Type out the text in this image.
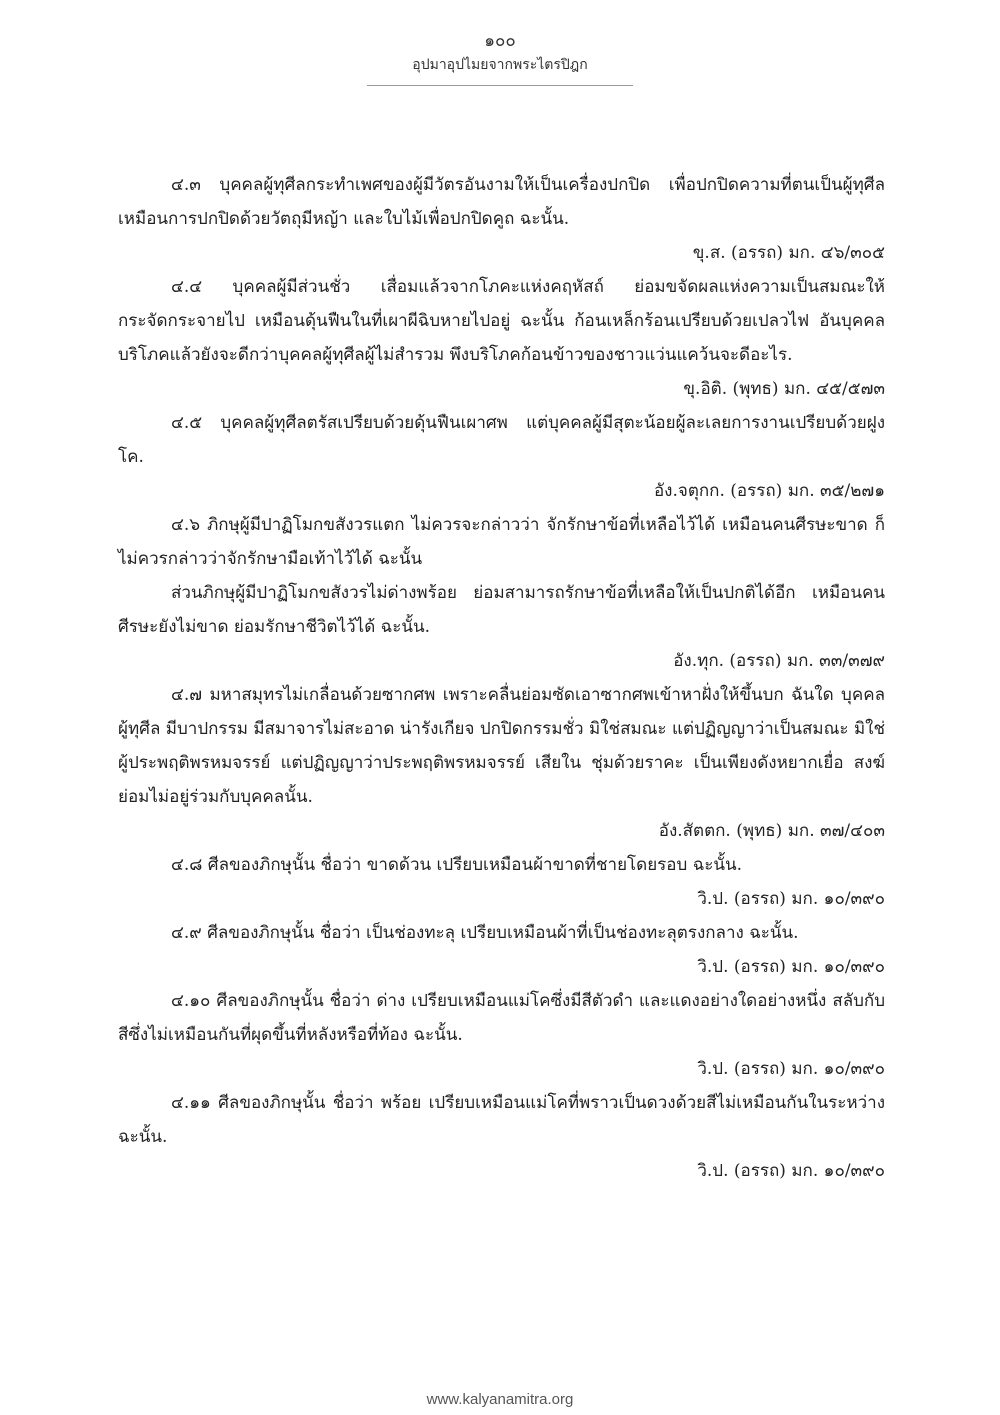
๑๐๐
อุปมาอุปไมยจากพระไตรปิฎก

๔.๓ บุคคลผู้ทุศีลกระทำเพศของผู้มีวัตรอันงามให้เป็นเครื่องปกปิด เพื่อปกปิดความที่ตนเป็นผู้ทุศีล เหมือนการปกปิดด้วยวัตถุมีหญ้า และใบไม้เพื่อปกปิดคูถ ฉะนั้น.

ขุ.ส. (อรรถ) มก. ๔๖/๓๐๕

๔.๔ บุคคลผู้มีส่วนชั่ว เสื่อมแล้วจากโภคะแห่งคฤหัสถ์ ย่อมขจัดผลแห่งความเป็นสมณะให้กระจัดกระจายไป เหมือนดุ้นฟืนในที่เผาผีฉิบหายไปอยู่ ฉะนั้น ก้อนเหล็กร้อนเปรียบด้วยเปลวไฟ อันบุคคลบริโภคแล้วยังจะดีกว่าบุคคลผู้ทุศีลผู้ไม่สำรวม พึงบริโภคก้อนข้าวของชาวแว่นแคว้นจะดีอะไร.

ขุ.อิติ. (พุทธ) มก. ๔๕/๕๗๓

๔.๕ บุคคลผู้ทุศีลตรัสเปรียบด้วยดุ้นฟืนเผาศพ แต่บุคคลผู้มีสุตะน้อยผู้ละเลยการงานเปรียบด้วยฝูงโค.

อัง.จตุกก. (อรรถ) มก. ๓๕/๒๗๑

๔.๖ ภิกษุผู้มีปาฏิโมกขสังวรแตก ไม่ควรจะกล่าวว่า จักรักษาข้อที่เหลือไว้ได้ เหมือนคนศีรษะขาด ก็ไม่ควรกล่าวว่าจักรักษามือเท้าไว้ได้ ฉะนั้น

ส่วนภิกษุผู้มีปาฏิโมกขสังวรไม่ด่างพร้อย ย่อมสามารถรักษาข้อที่เหลือให้เป็นปกติได้อีก เหมือนคนศีรษะยังไม่ขาด ย่อมรักษาชีวิตไว้ได้ ฉะนั้น.

อัง.ทุก. (อรรถ) มก. ๓๓/๓๗๙

๔.๗ มหาสมุทรไม่เกลื่อนด้วยซากศพ เพราะคลื่นย่อมซัดเอาซากศพเข้าหาฝั่งให้ขึ้นบก ฉันใด บุคคลผู้ทุศีล มีบาปกรรม มีสมาจารไม่สะอาด น่ารังเกียจ ปกปิดกรรมชั่ว มิใช่สมณะ แต่ปฏิญญาว่าเป็นสมณะ มิใช่ผู้ประพฤติพรหมจรรย์ แต่ปฏิญญาว่าประพฤติพรหมจรรย์ เสียใน ชุ่มด้วยราคะ เป็นเพียงดังหยากเยื่อ สงฆ์ย่อมไม่อยู่ร่วมกับบุคคลนั้น.

อัง.สัตตก. (พุทธ) มก. ๓๗/๔๐๓

๔.๘ ศีลของภิกษุนั้น ชื่อว่า ขาดด้วน เปรียบเหมือนผ้าขาดที่ชายโดยรอบ ฉะนั้น.

วิ.ป. (อรรถ) มก. ๑๐/๓๙๐

๔.๙ ศีลของภิกษุนั้น ชื่อว่า เป็นช่องทะลุ เปรียบเหมือนผ้าที่เป็นช่องทะลุตรงกลาง ฉะนั้น.

วิ.ป. (อรรถ) มก. ๑๐/๓๙๐

๔.๑๐ ศีลของภิกษุนั้น ชื่อว่า ด่าง เปรียบเหมือนแม่โคซึ่งมีสีตัวดำ และแดงอย่างใดอย่างหนึ่ง สลับกับสีซึ่งไม่เหมือนกันที่ผุดขึ้นที่หลังหรือที่ท้อง ฉะนั้น.

วิ.ป. (อรรถ) มก. ๑๐/๓๙๐

๔.๑๑ ศีลของภิกษุนั้น ชื่อว่า พร้อย เปรียบเหมือนแม่โคที่พราวเป็นดวงด้วยสีไม่เหมือนกันในระหว่าง ฉะนั้น.

วิ.ป. (อรรถ) มก. ๑๐/๓๙๐

www.kalyanamitra.org
